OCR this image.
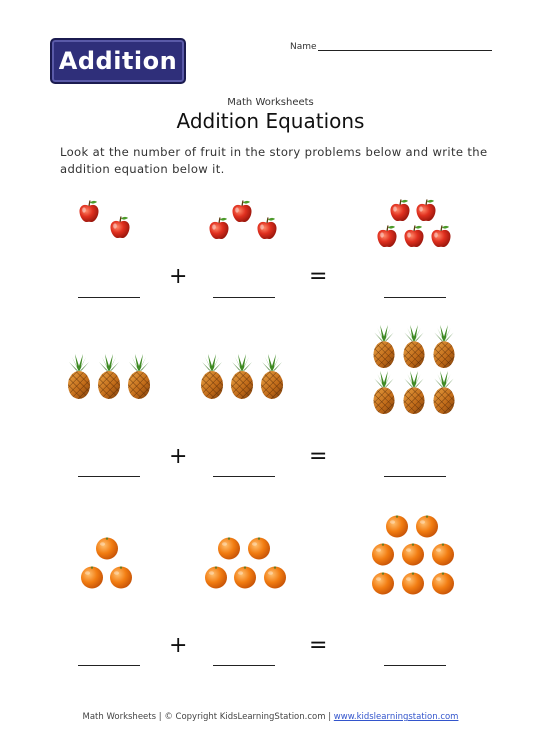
Addition	Name
Math Worksheets
Addition Equations
Look at the number of fruit in the story problems below and write the addition equation below it.
+	=
+	=
+	=
Math Worksheets | © Copyright KidsLearningStation.com | www.kidslearningstation.com
